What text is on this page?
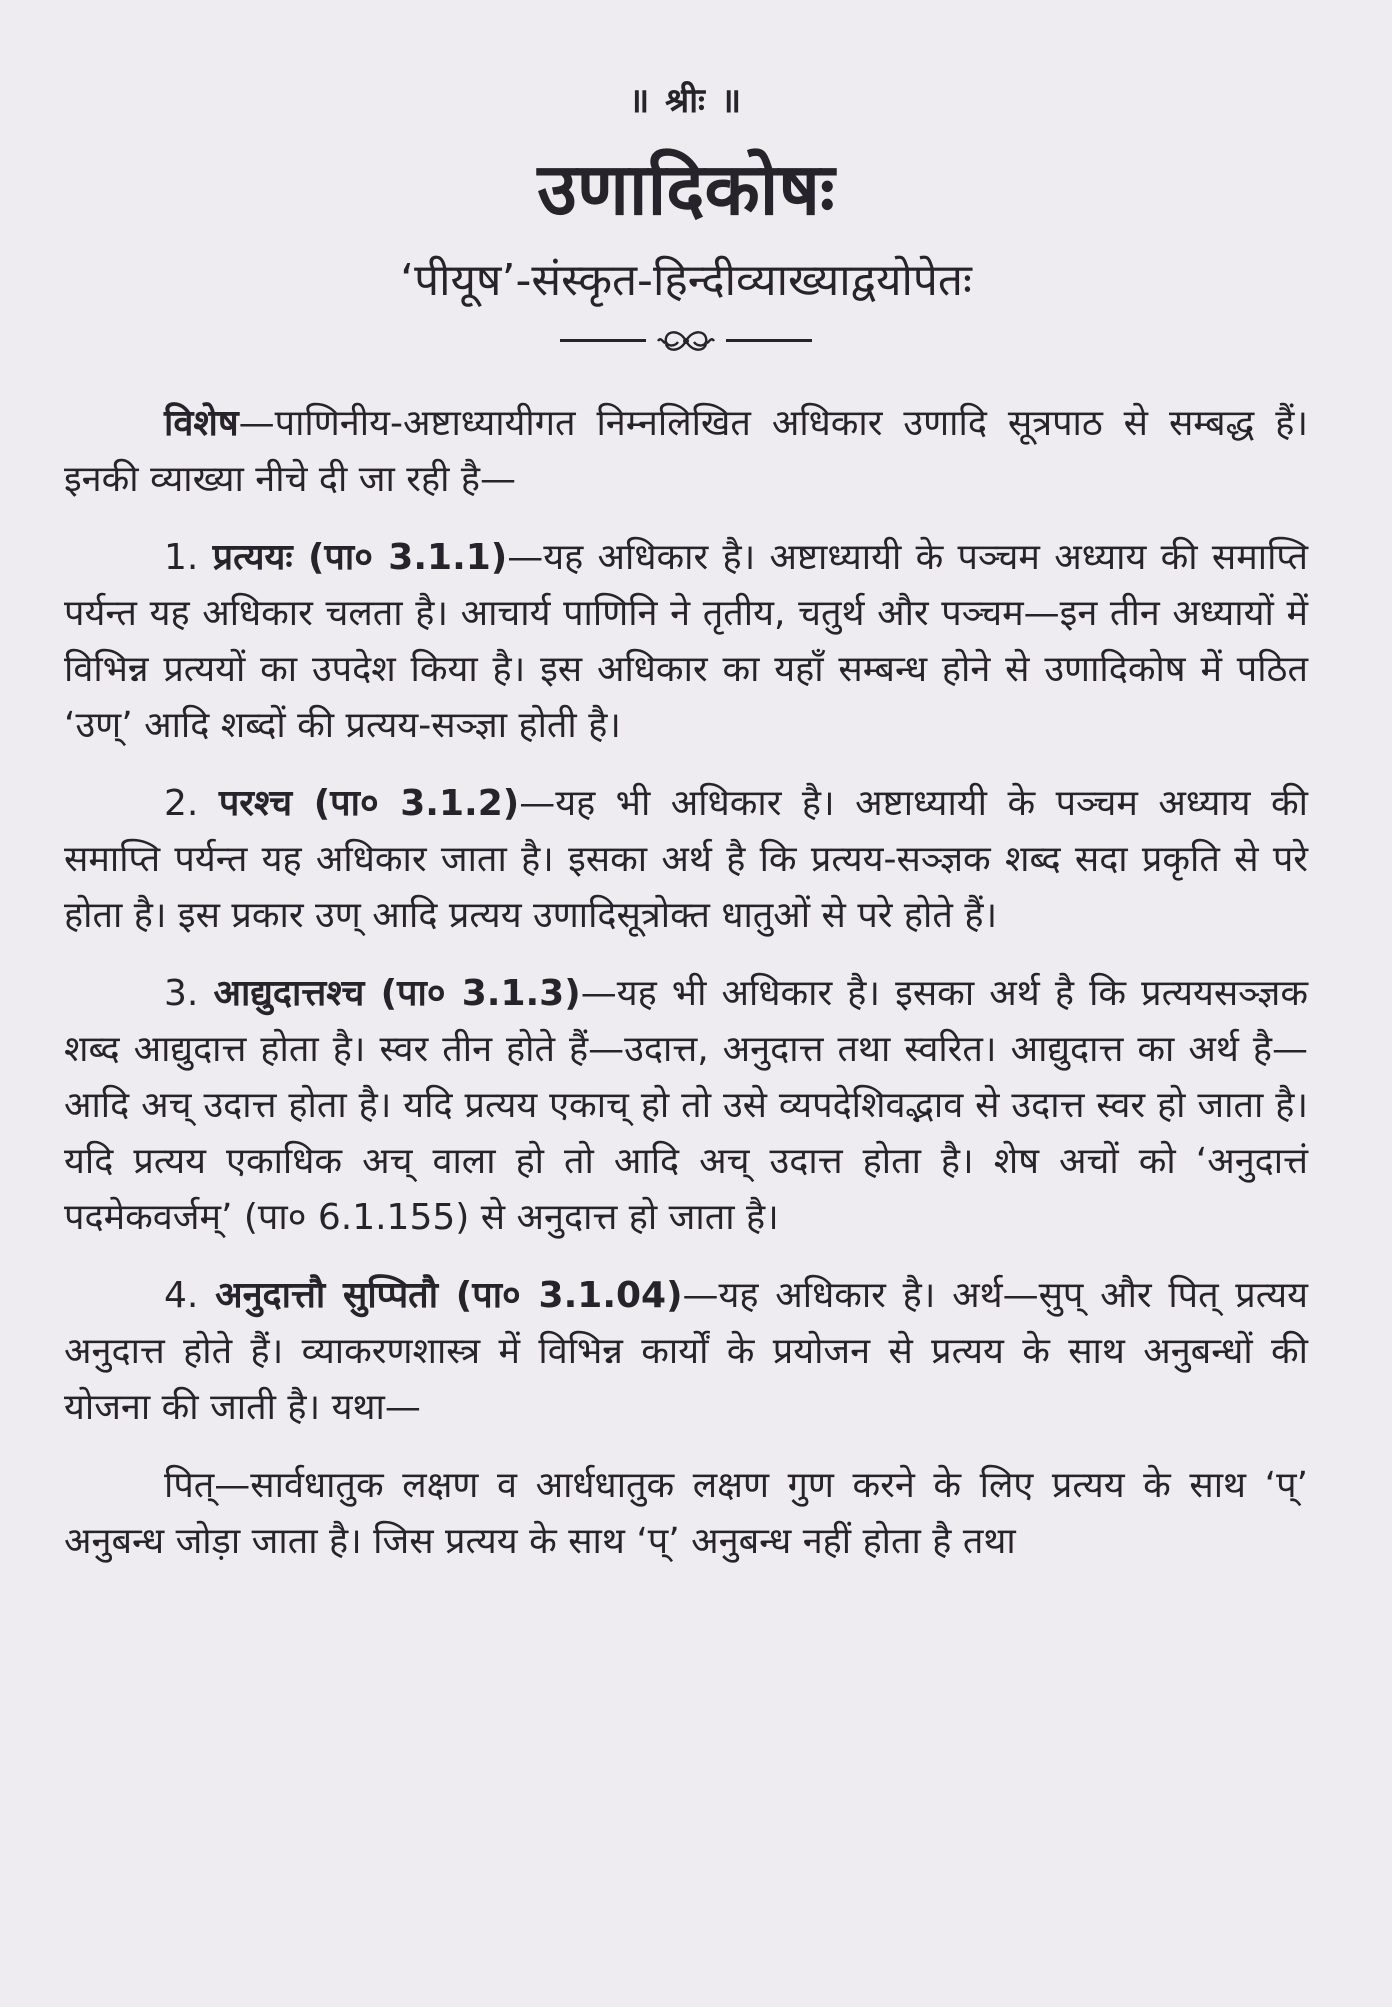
॥ श्रीः ॥
उणादिकोषः
‘पीयूष’-संस्कृत-हिन्दीव्याख्याद्वयोपेतः

विशेष—पाणिनीय-अष्टाध्यायीगत निम्नलिखित अधिकार उणादि सूत्रपाठ से सम्बद्ध हैं। इनकी व्याख्या नीचे दी जा रही है—

1. प्रत्ययः (पा० 3.1.1)—यह अधिकार है। अष्टाध्यायी के पञ्चम अध्याय की समाप्ति पर्यन्त यह अधिकार चलता है। आचार्य पाणिनि ने तृतीय, चतुर्थ और पञ्चम—इन तीन अध्यायों में विभिन्न प्रत्ययों का उपदेश किया है। इस अधिकार का यहाँ सम्बन्ध होने से उणादिकोष में पठित ‘उण्’ आदि शब्दों की प्रत्यय-सञ्ज्ञा होती है।

2. परश्च (पा० 3.1.2)—यह भी अधिकार है। अष्टाध्यायी के पञ्चम अध्याय की समाप्ति पर्यन्त यह अधिकार जाता है। इसका अर्थ है कि प्रत्यय-सञ्ज्ञक शब्द सदा प्रकृति से परे होता है। इस प्रकार उण् आदि प्रत्यय उणादिसूत्रोक्त धातुओं से परे होते हैं।

3. आद्युदात्तश्च (पा० 3.1.3)—यह भी अधिकार है। इसका अर्थ है कि प्रत्ययसञ्ज्ञक शब्द आद्युदात्त होता है। स्वर तीन होते हैं—उदात्त, अनुदात्त तथा स्वरित। आद्युदात्त का अर्थ है—आदि अच् उदात्त होता है। यदि प्रत्यय एकाच् हो तो उसे व्यपदेशिवद्भाव से उदात्त स्वर हो जाता है। यदि प्रत्यय एकाधिक अच् वाला हो तो आदि अच् उदात्त होता है। शेष अचों को ‘अनुदात्तं पदमेकवर्जम्’ (पा० 6.1.155) से अनुदात्त हो जाता है।

4. अनुदात्तौ सुप्पितौ (पा० 3.1.04)—यह अधिकार है। अर्थ—सुप् और पित् प्रत्यय अनुदात्त होते हैं। व्याकरणशास्त्र में विभिन्न कार्यों के प्रयोजन से प्रत्यय के साथ अनुबन्धों की योजना की जाती है। यथा—

पित्—सार्वधातुक लक्षण व आर्धधातुक लक्षण गुण करने के लिए प्रत्यय के साथ ‘प्’ अनुबन्ध जोड़ा जाता है। जिस प्रत्यय के साथ ‘प्’ अनुबन्ध नहीं होता है तथा
